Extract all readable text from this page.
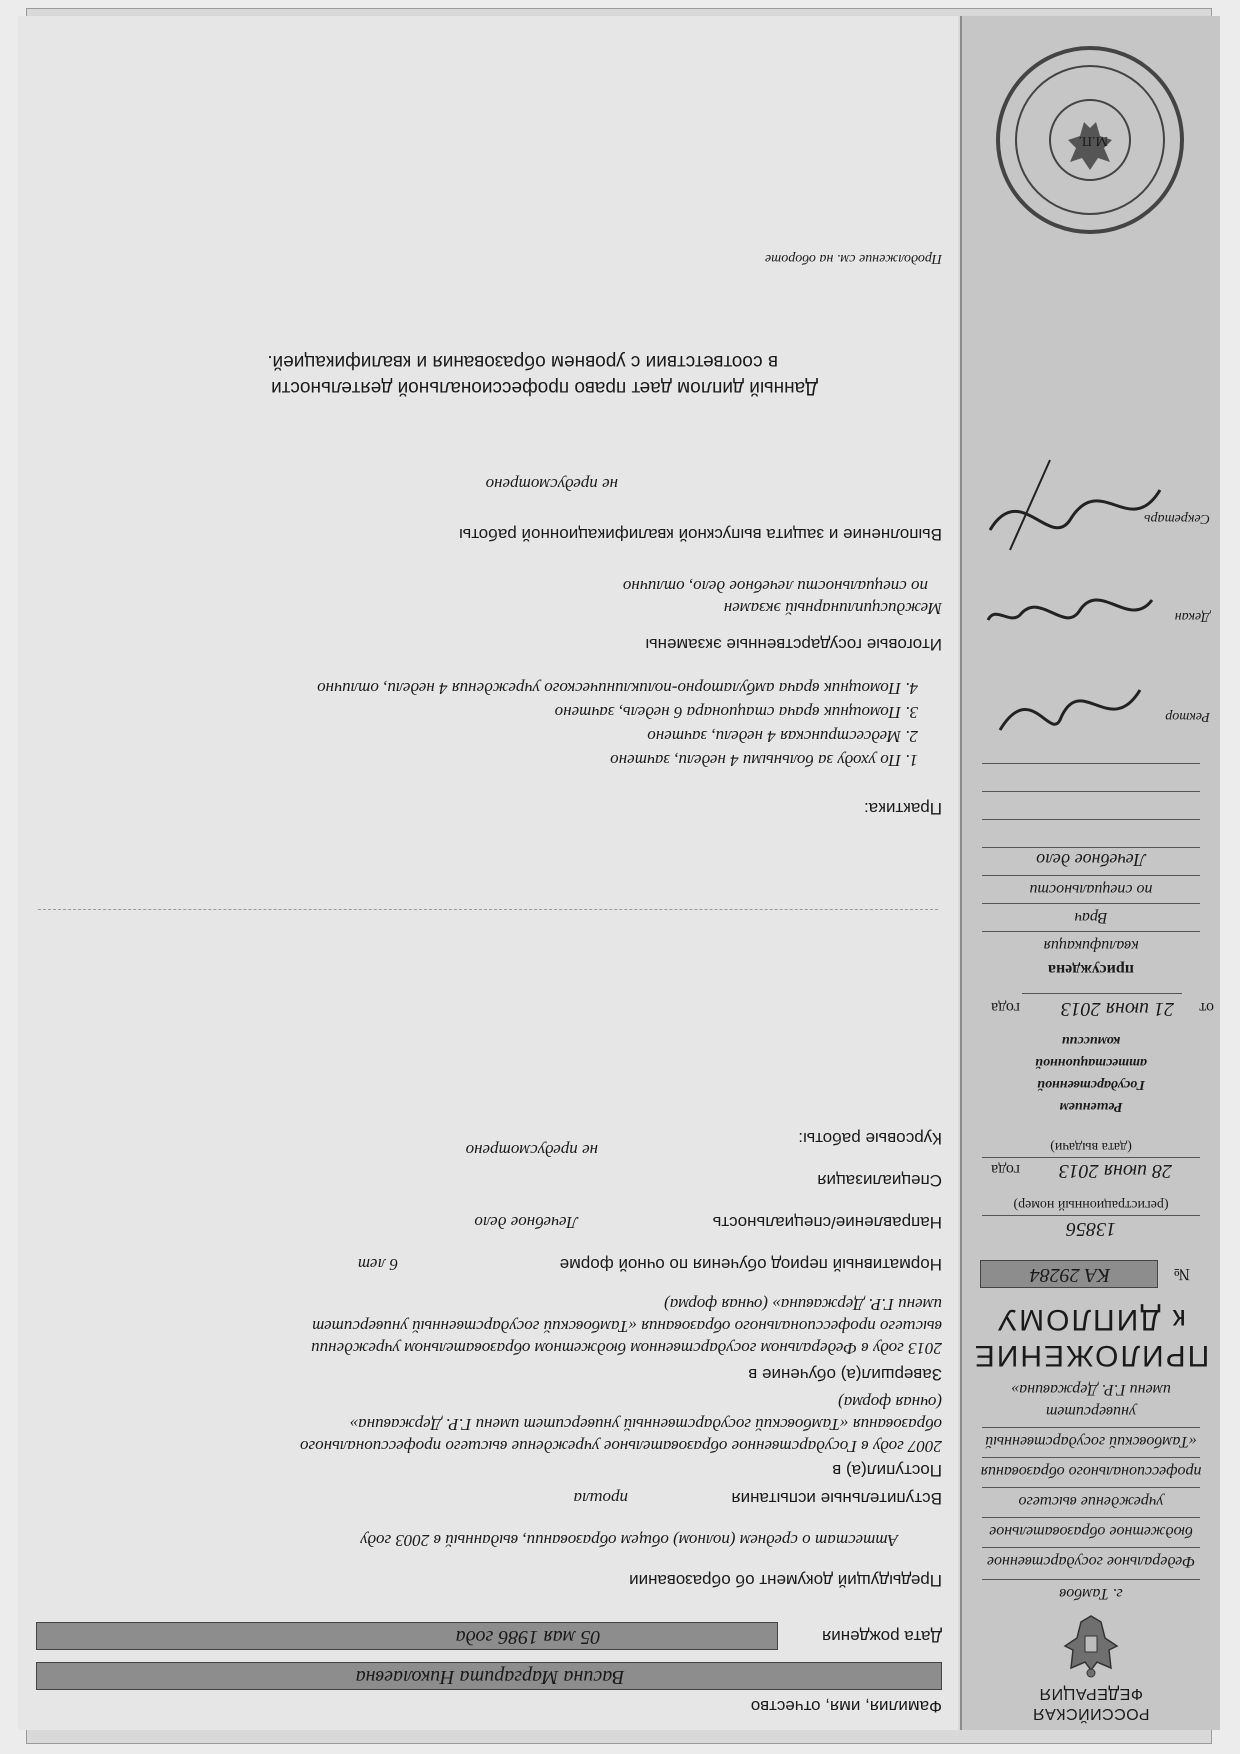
РОССИЙСКАЯ
ФЕДЕРАЦИЯ
г. Тамбов
Федеральное государственное
бюджетное образовательное
учреждение высшего
профессионального образования
«Тамбовский государственный
университет
имени Г.Р. Державина»
ПРИЛОЖЕНИЕ
к ДИПЛОМУ
№
КА 29284
13856
(регистрационный номер)
28 июня 2013
года
(дата выдачи)
Решением
Государственной
аттестационной
комиссии
от
21 июня 2013
года
присуждена
квалификация
Врач
по специальности
Лечебное дело
Ректор
Декан
Секретарь
М.П.
Фамилия, имя, отчество
Васина Маргарита Николаевна
Дата рождения
05 мая 1986 года
Предыдущий документ об образовании
Аттестат о среднем (полном) общем образовании, выданный в 2003 году
Вступительные испытания
прошла
Поступил(а) в
2007 году в Государственное образовательное учреждение высшего профессионального
образования «Тамбовский государственный университет имени Г.Р. Державина»
(очная форма)
Завершил(а) обучение в
2013 году в Федеральном государственном бюджетном образовательном учреждении
высшего профессионального образования «Тамбовский государственный университет
имени Г.Р. Державина» (очная форма)
Нормативный период обучения по очной форме
6 лет
Направление/специальность
Лечебное дело
Специализация
Курсовые работы:
не предусмотрено
Практика:
1. По уходу за больными 4 недели, зачтено
2. Медсестринская 4 недели, зачтено
3. Помощник врача стационара 6 недель, зачтено
4. Помощник врача амбулаторно-поликлинического учреждения 4 недели, отлично
Итоговые государственные экзамены
Междисциплинарный экзамен
по специальности лечебное дело, отлично
Выполнение и защита выпускной квалификационной работы
не предусмотрено
Данный диплом дает право профессиональной деятельности
в соответствии с уровнем образования и квалификацией.
Продолжение см. на обороте
